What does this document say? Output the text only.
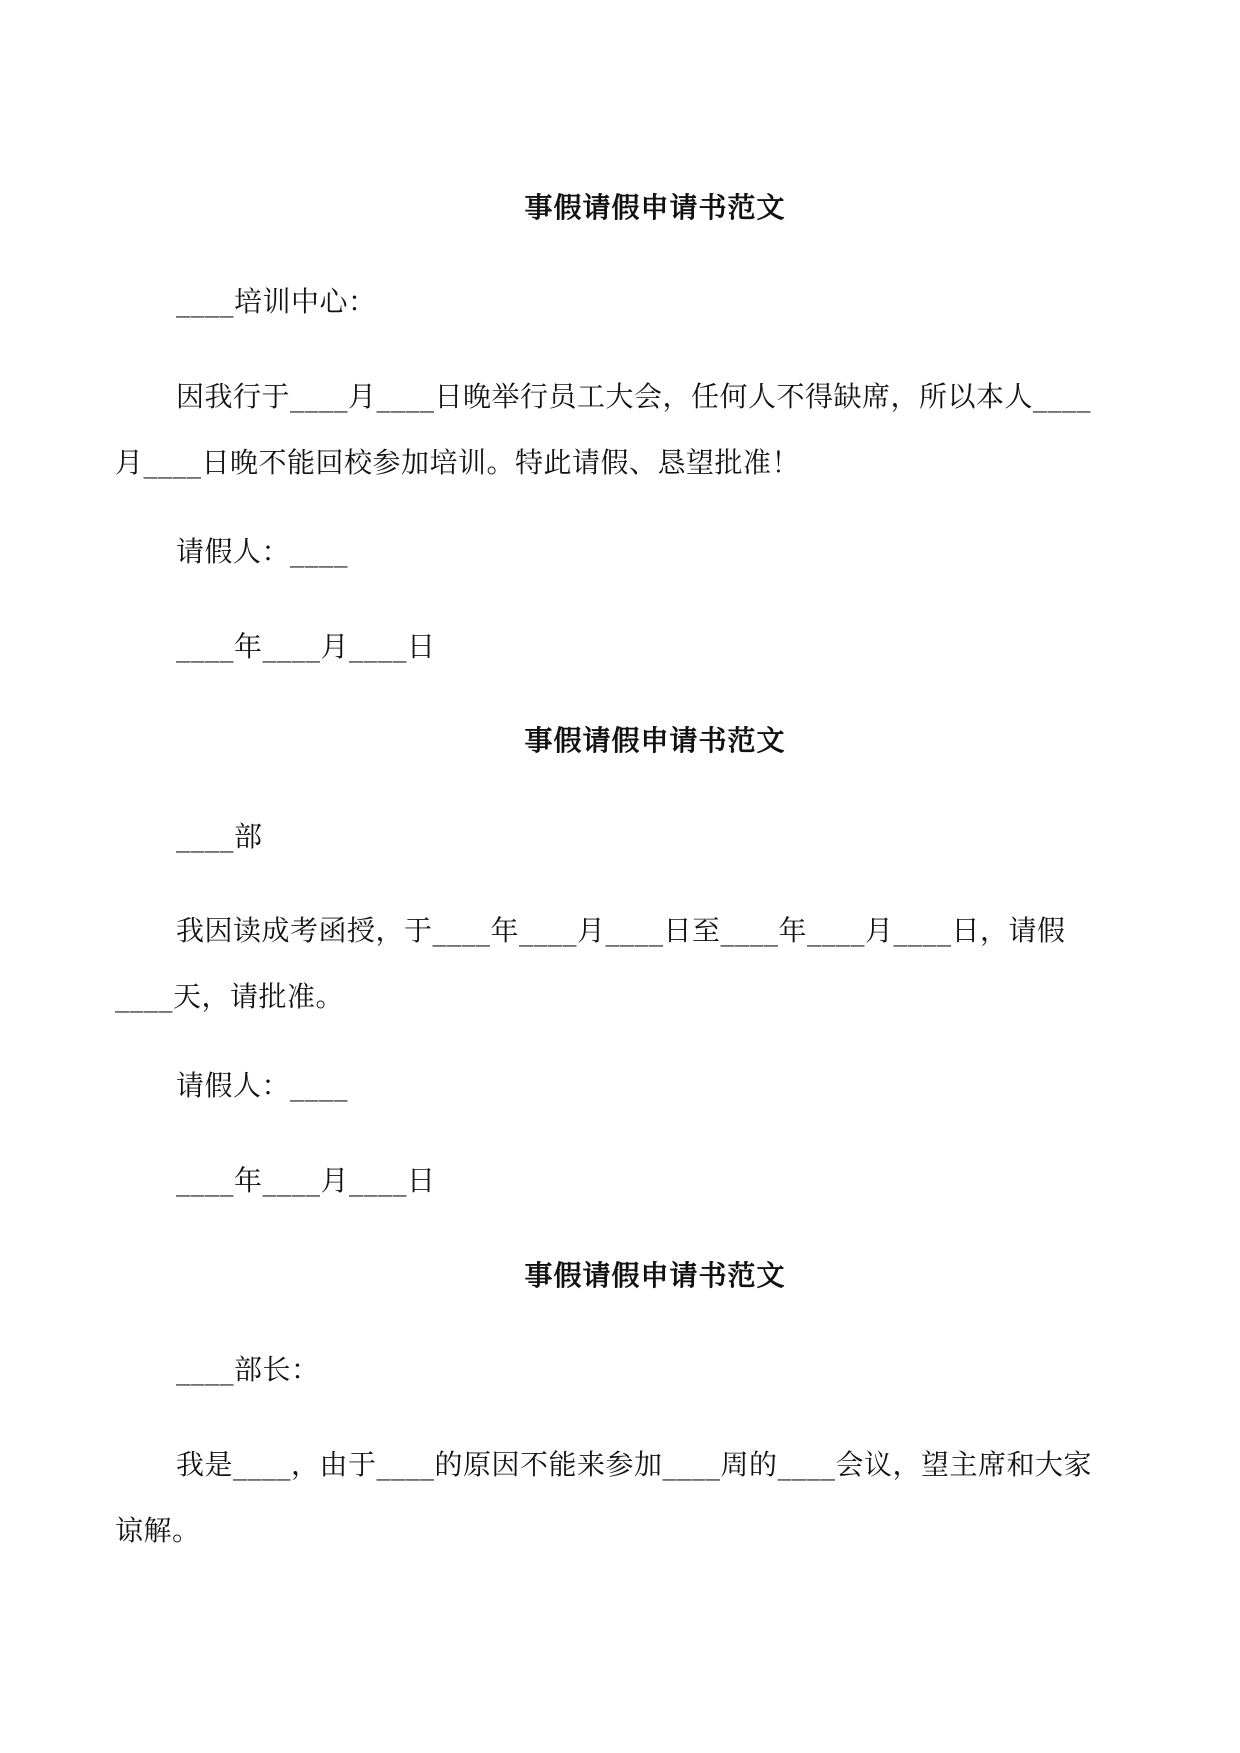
事假请假申请书范文
____培训中心：
因我行于____月____日晚举行员工大会，任何人不得缺席，所以本人____
月____日晚不能回校参加培训。特此请假、恳望批准！
请假人：____
____年____月____日
事假请假申请书范文
____部
我因读成考函授，于____年____月____日至____年____月____日，请假
____天，请批准。
请假人：____
____年____月____日
事假请假申请书范文
____部长：
我是____，由于____的原因不能来参加____周的____会议，望主席和大家
谅解。
